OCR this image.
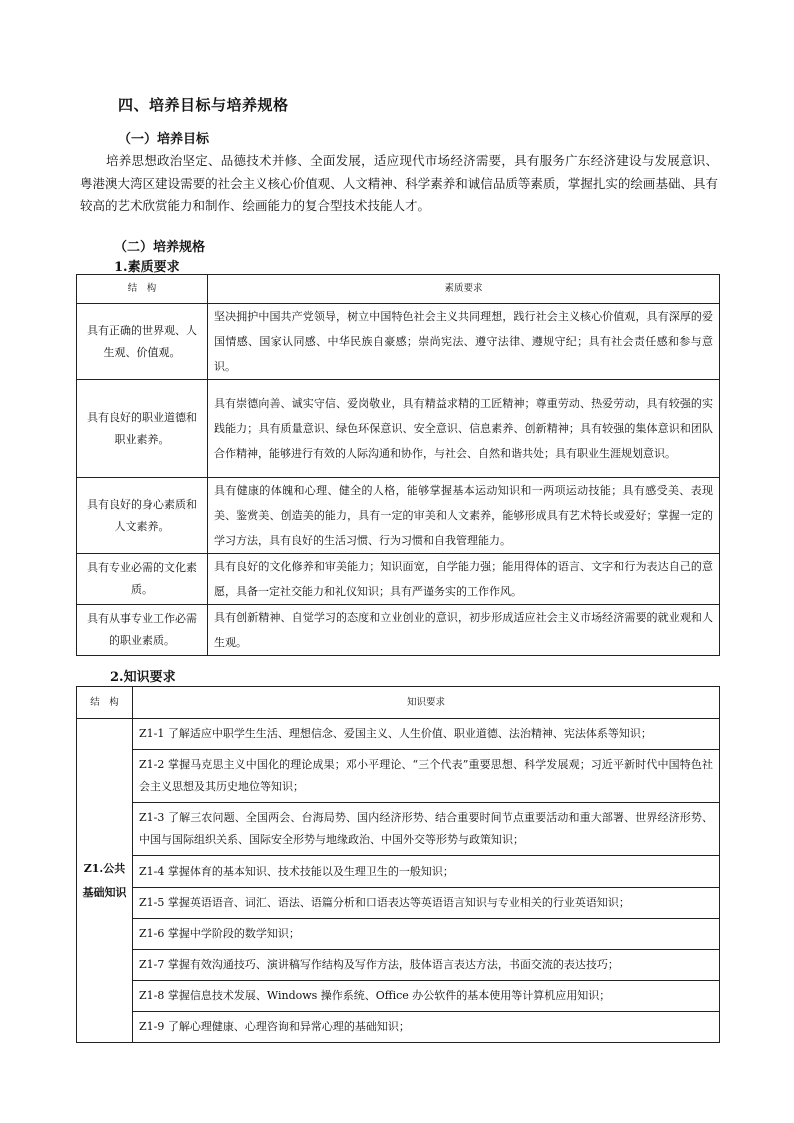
四、培养目标与培养规格
（一）培养目标

培养思想政治坚定、品德技术并修、全面发展，适应现代市场经济需要，具有服务广东经济建设与发展意识、粤港澳大湾区建设需要的社会主义核心价值观、人文精神、科学素养和诚信品质等素质，掌握扎实的绘画基础、具有较高的艺术欣赏能力和制作、绘画能力的复合型技术技能人才。

（二）培养规格
1.素质要求
结　构	素质要求
具有正确的世界观、人生观、价值观。	坚决拥护中国共产党领导，树立中国特色社会主义共同理想，践行社会主义核心价值观，具有深厚的爱国情感、国家认同感、中华民族自豪感；崇尚宪法、遵守法律、遵规守纪；具有社会责任感和参与意识。
具有良好的职业道德和职业素养。	具有崇德向善、诚实守信、爱岗敬业，具有精益求精的工匠精神；尊重劳动、热爱劳动，具有较强的实践能力；具有质量意识、绿色环保意识、安全意识、信息素养、创新精神；具有较强的集体意识和团队合作精神，能够进行有效的人际沟通和协作，与社会、自然和谐共处；具有职业生涯规划意识。
具有良好的身心素质和人文素养。	具有健康的体魄和心理、健全的人格，能够掌握基本运动知识和一两项运动技能；具有感受美、表现美、鉴赏美、创造美的能力，具有一定的审美和人文素养，能够形成具有艺术特长或爱好；掌握一定的学习方法，具有良好的生活习惯、行为习惯和自我管理能力。
具有专业必需的文化素质。	具有良好的文化修养和审美能力；知识面宽，自学能力强；能用得体的语言、文字和行为表达自己的意愿，具备一定社交能力和礼仪知识；具有严谨务实的工作作风。
具有从事专业工作必需的职业素质。	具有创新精神、自觉学习的态度和立业创业的意识，初步形成适应社会主义市场经济需要的就业观和人生观。
2.知识要求
结　构	知识要求
Z1.公共基础知识	Z1-1 了解适应中职学生生活、理想信念、爱国主义、人生价值、职业道德、法治精神、宪法体系等知识；
	Z1-2 掌握马克思主义中国化的理论成果；邓小平理论、“三个代表”重要思想、科学发展观；习近平新时代中国特色社会主义思想及其历史地位等知识；
	Z1-3 了解三农问题、全国两会、台海局势、国内经济形势、结合重要时间节点重要活动和重大部署、世界经济形势、中国与国际组织关系、国际安全形势与地缘政治、中国外交等形势与政策知识；
	Z1-4 掌握体育的基本知识、技术技能以及生理卫生的一般知识；
	Z1-5 掌握英语语音、词汇、语法、语篇分析和口语表达等英语语言知识与专业相关的行业英语知识；
	Z1-6 掌握中学阶段的数学知识；
	Z1-7 掌握有效沟通技巧、演讲稿写作结构及写作方法，肢体语言表达方法，书面交流的表达技巧；
	Z1-8 掌握信息技术发展、Windows 操作系统、Office 办公软件的基本使用等计算机应用知识；
	Z1-9 了解心理健康、心理咨询和异常心理的基础知识；
